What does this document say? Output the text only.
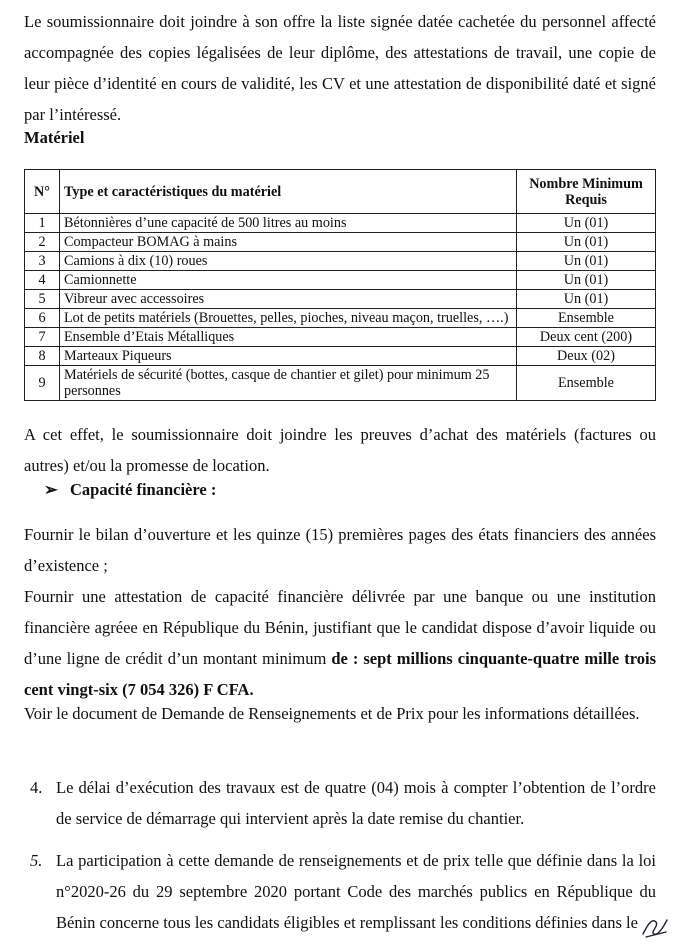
Le soumissionnaire doit joindre à son offre la liste signée datée cachetée du personnel affecté accompagnée des copies légalisées de leur diplôme, des attestations de travail, une copie de leur pièce d’identité en cours de validité, les CV et une attestation de disponibilité daté et signé par l’intéressé.

Matériel
N°	Type et caractéristiques du matériel	Nombre Minimum Requis
1	Bétonnières d’une capacité de 500 litres au moins	Un (01)
2	Compacteur BOMAG à mains	Un (01)
3	Camions à dix (10) roues	Un (01)
4	Camionnette	Un (01)
5	Vibreur avec accessoires	Un (01)
6	Lot de petits matériels (Brouettes, pelles, pioches, niveau maçon, truelles, ….)	Ensemble
7	Ensemble d’Etais Métalliques	Deux cent (200)
8	Marteaux Piqueurs	Deux (02)
9	Matériels de sécurité (bottes, casque de chantier et gilet) pour minimum 25 personnes	Ensemble

A cet effet, le soumissionnaire doit joindre les preuves d’achat des matériels (factures ou autres) et/ou la promesse de location.

➢ Capacité financière :

Fournir le bilan d’ouverture et les quinze (15) premières pages des états financiers des années d’existence ;

Fournir une attestation de capacité financière délivrée par une banque ou une institution financière agréee en République du Bénin, justifiant que le candidat dispose d’avoir liquide ou d’une ligne de crédit d’un montant minimum de : sept millions cinquante-quatre mille trois cent vingt-six (7 054 326) F CFA.

Voir le document de Demande de Renseignements et de Prix pour les informations détaillées.

4. Le délai d’exécution des travaux est de quatre (04) mois à compter l’obtention de l’ordre de service de démarrage qui intervient après la date remise du chantier.

5. La participation à cette demande de renseignements et de prix telle que définie dans la loi n°2020-26 du 29 septembre 2020 portant Code des marchés publics en République du Bénin concerne tous les candidats éligibles et remplissant les conditions définies dans le
